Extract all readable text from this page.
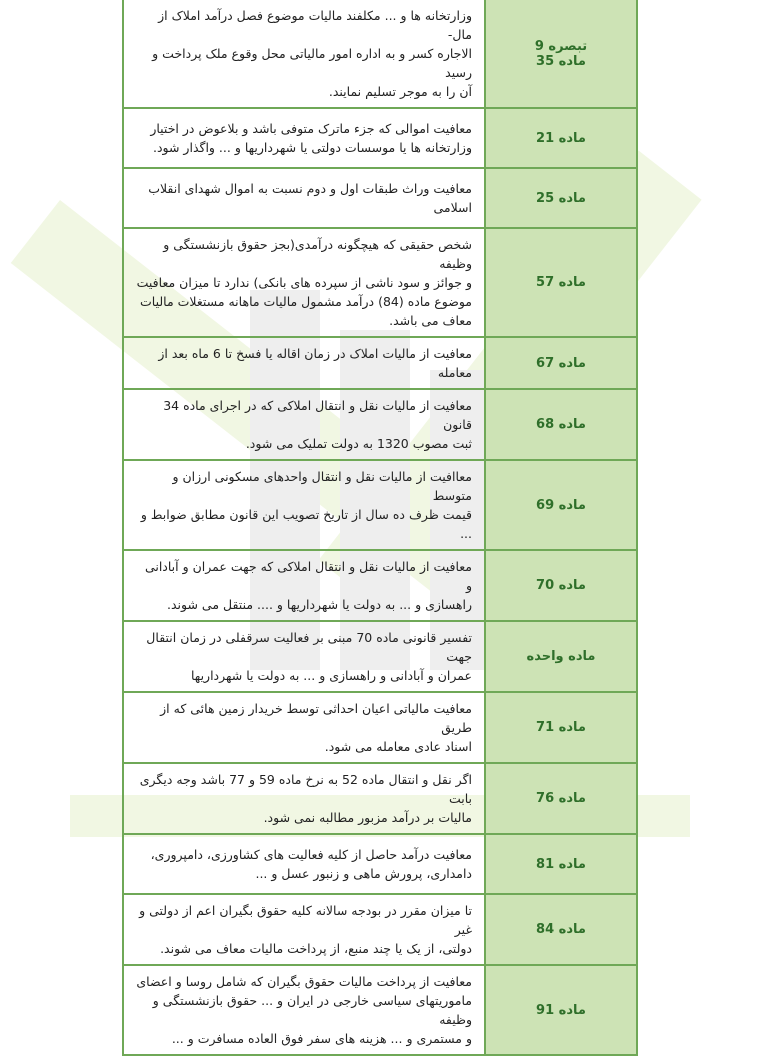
تبصره 9
ماده 35	وزارتخانه ها و ... مکلفند مالیات موضوع فصل درآمد املاک از مال-
الاجاره کسر و به اداره امور مالیاتی محل وقوع ملک پرداخت و رسید
آن را به موجر تسلیم نمایند.

ماده 21	معافیت اموالی که جزء ماترک متوفی باشد و بلاعوض در اختیار
وزارتخانه ها یا موسسات دولتی یا شهرداریها و ... واگذار شود.

ماده 25	معافیت وراث طبقات اول و دوم نسبت به اموال شهدای انقلاب
اسلامی

ماده 57	شخص حقیقی که هیچگونه درآمدی(بجز حقوق بازنشستگی و وظیفه
و جوائز و سود ناشی از سپرده های بانکی) ندارد تا میزان معافیت
موضوع ماده (84) درآمد مشمول مالیات ماهانه مستغلات مالیات
معاف می باشد.

ماده 67	معافیت از مالیات املاک در زمان اقاله یا فسخ تا 6 ماه بعد از معامله

ماده 68	معافیت از مالیات نقل و انتقال املاکی که در اجرای ماده 34 قانون
ثبت مصوب 1320 به دولت تملیک می شود.

ماده 69	معاافیت از مالیات نقل و انتقال واحدهای مسکونی ارزان و متوسط
قیمت ظرف ده سال از تاریخ تصویب این قانون مطابق ضوابط و ...

ماده 70	معافیت از مالیات نقل و انتقال املاکی که جهت عمران و آبادانی و
راهسازی و ... به دولت یا شهرداریها و .... منتقل می شوند.

ماده واحده	تفسیر قانونی ماده 70 مبنی بر فعالیت سرقفلی در زمان انتقال جهت
عمران و آبادانی و راهسازی و ... به دولت یا شهرداریها

ماده 71	معافیت مالیاتی اعیان احداثی توسط خریدار زمین هائی که از طریق
اسناد عادی معامله می شود.

ماده 76	اگر نقل و انتقال ماده 52 به نرخ ماده 59 و 77 باشد وجه دیگری بابت
مالیات بر درآمد مزبور مطالبه نمی شود.

ماده 81	معافیت درآمد حاصل از کلیه فعالیت های کشاورزی، دامپروری،
دامداری، پرورش ماهی و زنبور عسل و ...

ماده 84	تا میزان مقرر در بودجه سالانه کلیه حقوق بگیران اعم از دولتی و غیر
دولتی، از یک یا چند منبع، از پرداخت مالیات معاف می شوند.

ماده 91	معافیت از پرداخت مالیات حقوق بگیران که شامل روسا و اعضای
ماموریتهای سیاسی خارجی در ایران و ... حقوق بازنشستگی و وظیفه
و مستمری و ... هزینه های سفر فوق العاده مسافرت و ...
